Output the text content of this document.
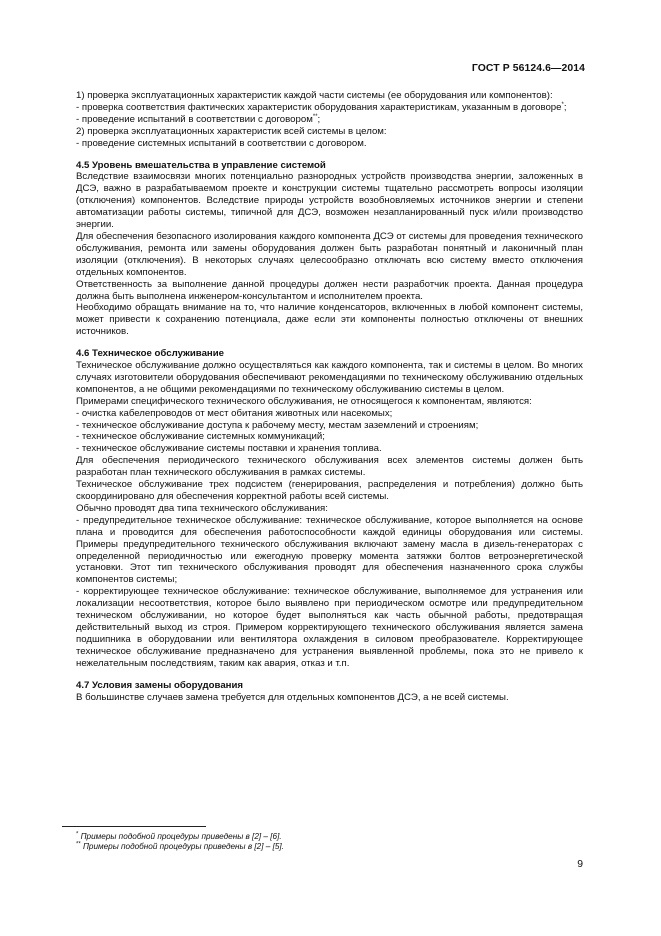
ГОСТ Р 56124.6—2014

1) проверка эксплуатационных характеристик каждой части системы (ее оборудования или компонентов):

- проверка соответствия фактических характеристик оборудования характеристикам, указанным в договоре*;

- проведение испытаний в соответствии с договором**;

2) проверка эксплуатационных характеристик всей системы в целом:

- проведение системных испытаний в соответствии с договором.

4.5 Уровень вмешательства в управление системой

Вследствие взаимосвязи многих потенциально разнородных устройств производства энергии, заложенных в ДСЭ, важно в разрабатываемом проекте и конструкции системы тщательно рассмотреть вопросы изоляции (отключения) компонентов. Вследствие природы устройств возобновляемых источников энергии и степени автоматизации работы системы, типичной для ДСЭ, возможен незапланированный пуск и/или производство энергии.

Для обеспечения безопасного изолирования каждого компонента ДСЭ от системы для проведения технического обслуживания, ремонта или замены оборудования должен быть разработан понятный и лаконичный план изоляции (отключения). В некоторых случаях целесообразно отключать всю систему вместо отключения отдельных компонентов.

Ответственность за выполнение данной процедуры должен нести разработчик проекта. Данная процедура должна быть выполнена инженером-консультантом и исполнителем проекта.

Необходимо обращать внимание на то, что наличие конденсаторов, включенных в любой компонент системы, может привести к сохранению потенциала, даже если эти компоненты полностью отключены от внешних источников.

4.6 Техническое обслуживание

Техническое обслуживание должно осуществляться как каждого компонента, так и системы в целом. Во многих случаях изготовители оборудования обеспечивают рекомендациями по техническому обслуживанию отдельных компонентов, а не общими рекомендациями по техническому обслуживанию системы в целом.

Примерами специфического технического обслуживания, не относящегося к компонентам, являются:

- очистка кабелепроводов от мест обитания животных или насекомых;

- техническое обслуживание доступа к рабочему месту, местам заземлений и строениям;

- техническое обслуживание системных коммуникаций;

- техническое обслуживание системы поставки и хранения топлива.

Для обеспечения периодического технического обслуживания всех элементов системы должен быть разработан план технического обслуживания в рамках системы.

Техническое обслуживание трех подсистем (генерирования, распределения и потребления) должно быть скоординировано для обеспечения корректной работы всей системы.

Обычно проводят два типа технического обслуживания:

- предупредительное техническое обслуживание: техническое обслуживание, которое выполняется на основе плана и проводится для обеспечения работоспособности каждой единицы оборудования или системы. Примеры предупредительного технического обслуживания включают замену масла в дизель-генераторах с определенной периодичностью или ежегодную проверку момента затяжки болтов ветроэнергетической установки. Этот тип технического обслуживания проводят для обеспечения назначенного срока службы компонентов системы;

- корректирующее техническое обслуживание: техническое обслуживание, выполняемое для устранения или локализации несоответствия, которое было выявлено при периодическом осмотре или предупредительном техническом обслуживании, но которое будет выполняться как часть обычной работы, предотвращая действительный выход из строя. Примером корректирующего технического обслуживания является замена подшипника в оборудовании или вентилятора охлаждения в силовом преобразователе. Корректирующее техническое обслуживание предназначено для устранения выявленной проблемы, пока это не привело к нежелательным последствиям, таким как авария, отказ и т.п.

4.7 Условия замены оборудования

В большинстве случаев замена требуется для отдельных компонентов ДСЭ, а не всей системы.

* Примеры подобной процедуры приведены в [2] – [6].

** Примеры подобной процедуры приведены в [2] – [5].

9
